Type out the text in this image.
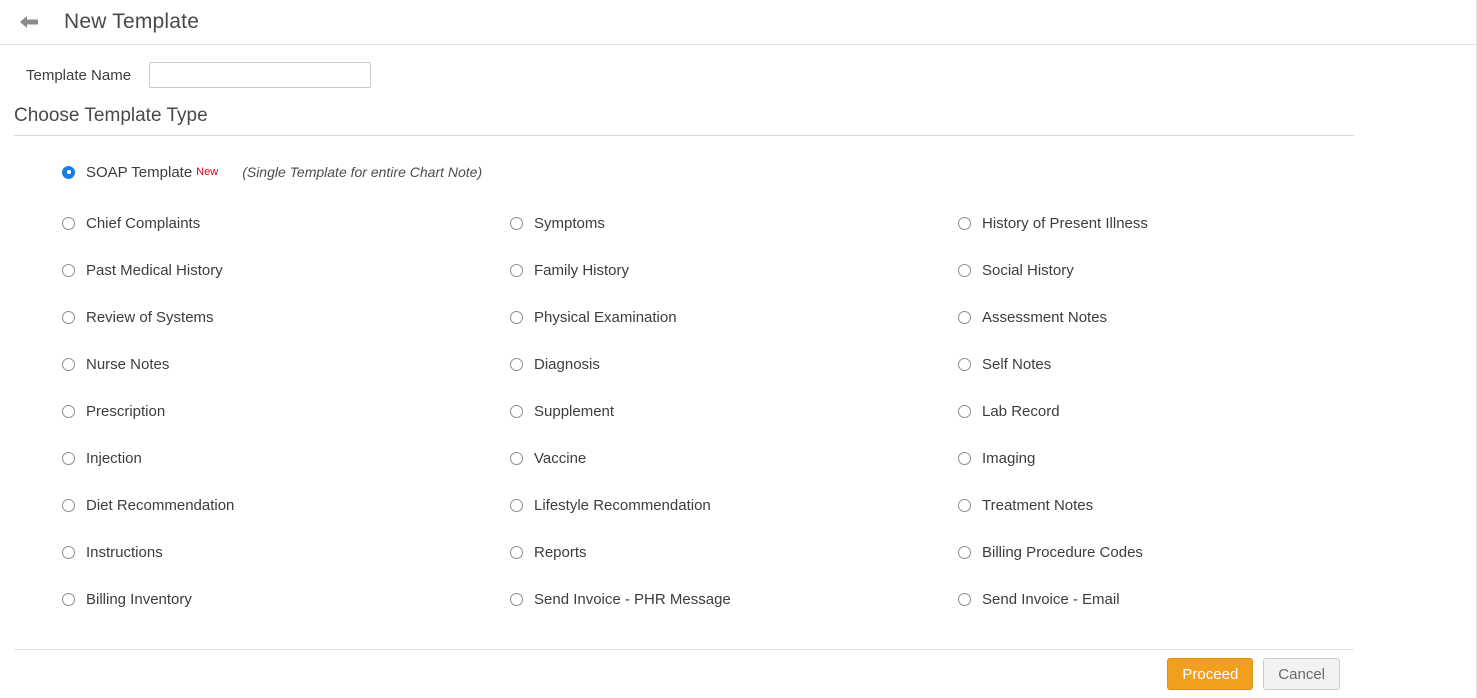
New Template
Template Name
Choose Template Type
SOAP Template New (Single Template for entire Chart Note)
Chief Complaints	Symptoms	History of Present Illness
Past Medical History	Family History	Social History
Review of Systems	Physical Examination	Assessment Notes
Nurse Notes	Diagnosis	Self Notes
Prescription	Supplement	Lab Record
Injection	Vaccine	Imaging
Diet Recommendation	Lifestyle Recommendation	Treatment Notes
Instructions	Reports	Billing Procedure Codes
Billing Inventory	Send Invoice - PHR Message	Send Invoice - Email
Proceed	Cancel
